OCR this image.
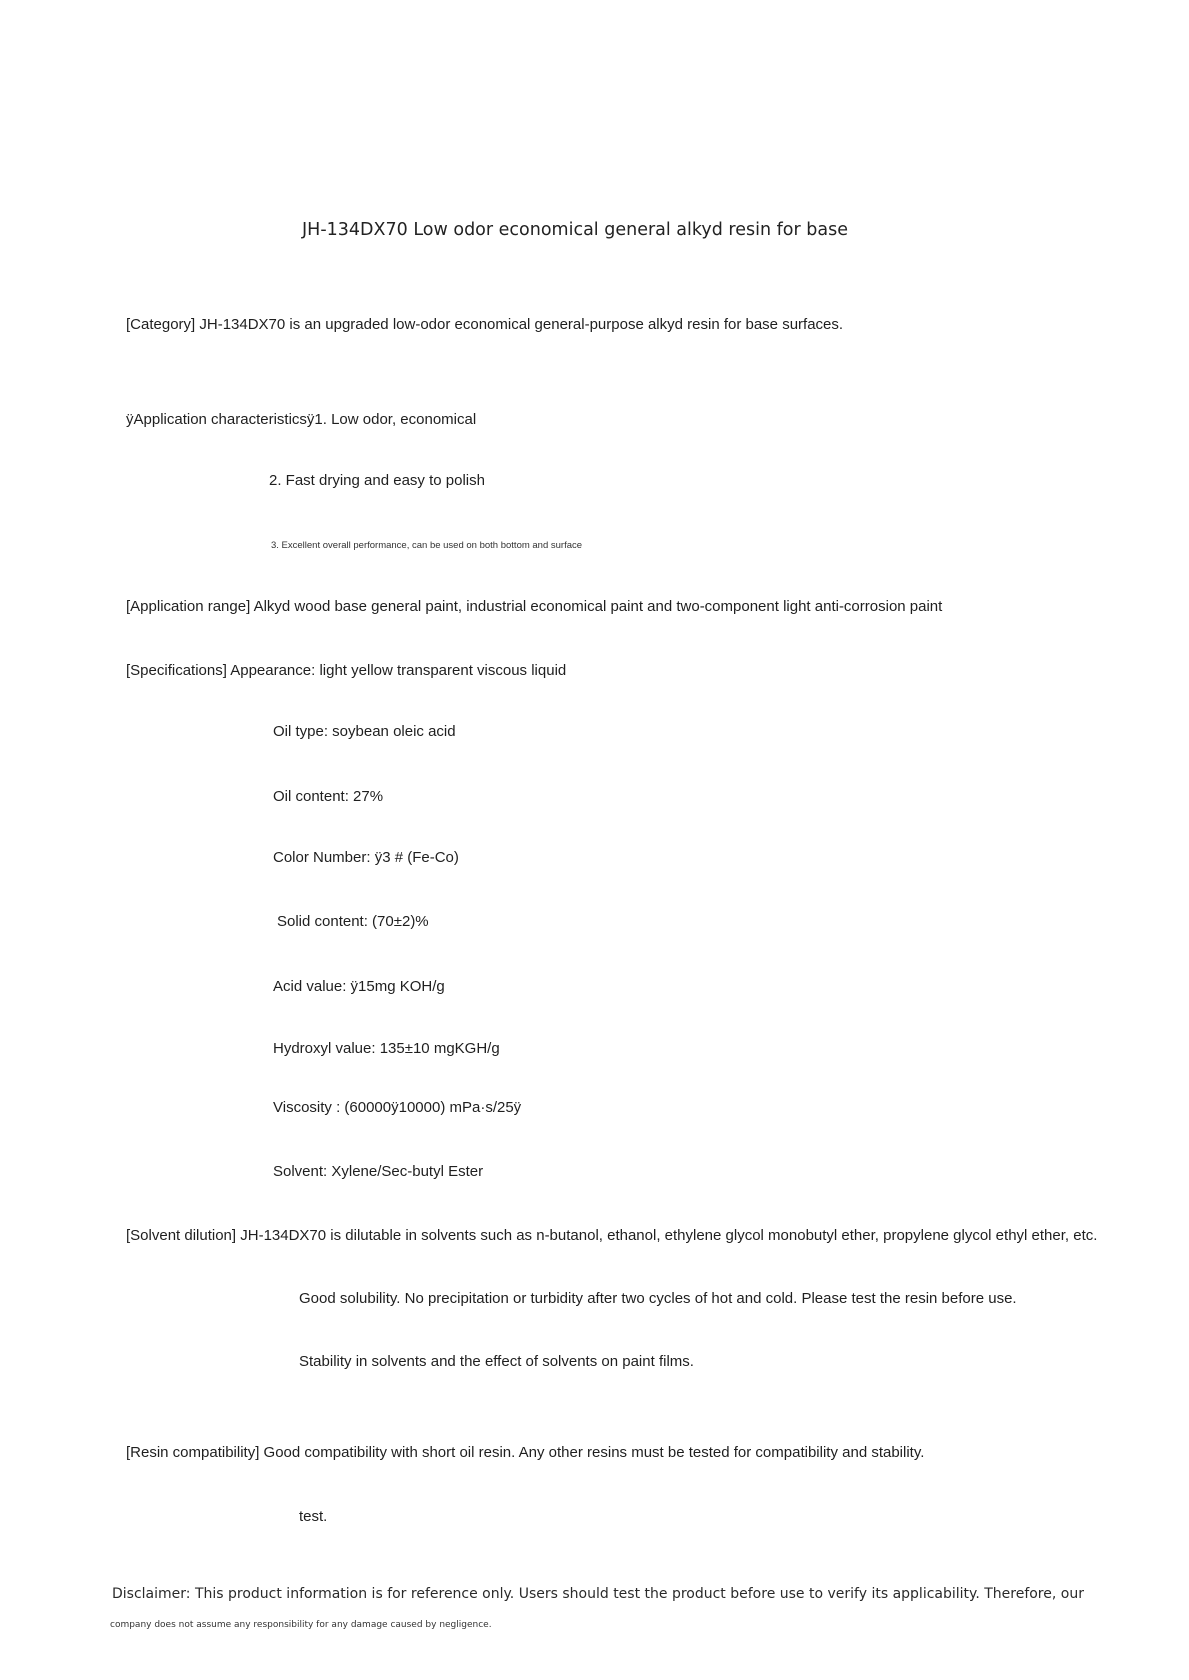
JH-134DX70 Low odor economical general alkyd resin for base
[Category] JH-134DX70 is an upgraded low-odor economical general-purpose alkyd resin for base surfaces.
ÿApplication characteristicsÿ1. Low odor, economical
2. Fast drying and easy to polish
3. Excellent overall performance, can be used on both bottom and surface
[Application range] Alkyd wood base general paint, industrial economical paint and two-component light anti-corrosion paint
[Specifications] Appearance: light yellow transparent viscous liquid
Oil type: soybean oleic acid
Oil content: 27%
Color Number: ÿ3 # (Fe-Co)
Solid content: (70±2)%
Acid value: ÿ15mg KOH/g
Hydroxyl value: 135±10 mgKGH/g
Viscosity : (60000ÿ10000) mPa·s/25ÿ
Solvent: Xylene/Sec-butyl Ester
[Solvent dilution] JH-134DX70 is dilutable in solvents such as n-butanol, ethanol, ethylene glycol monobutyl ether, propylene glycol ethyl ether, etc.
Good solubility. No precipitation or turbidity after two cycles of hot and cold. Please test the resin before use.
Stability in solvents and the effect of solvents on paint films.
[Resin compatibility] Good compatibility with short oil resin. Any other resins must be tested for compatibility and stability.
test.
Disclaimer: This product information is for reference only. Users should test the product before use to verify its applicability. Therefore, our
company does not assume any responsibility for any damage caused by negligence.
